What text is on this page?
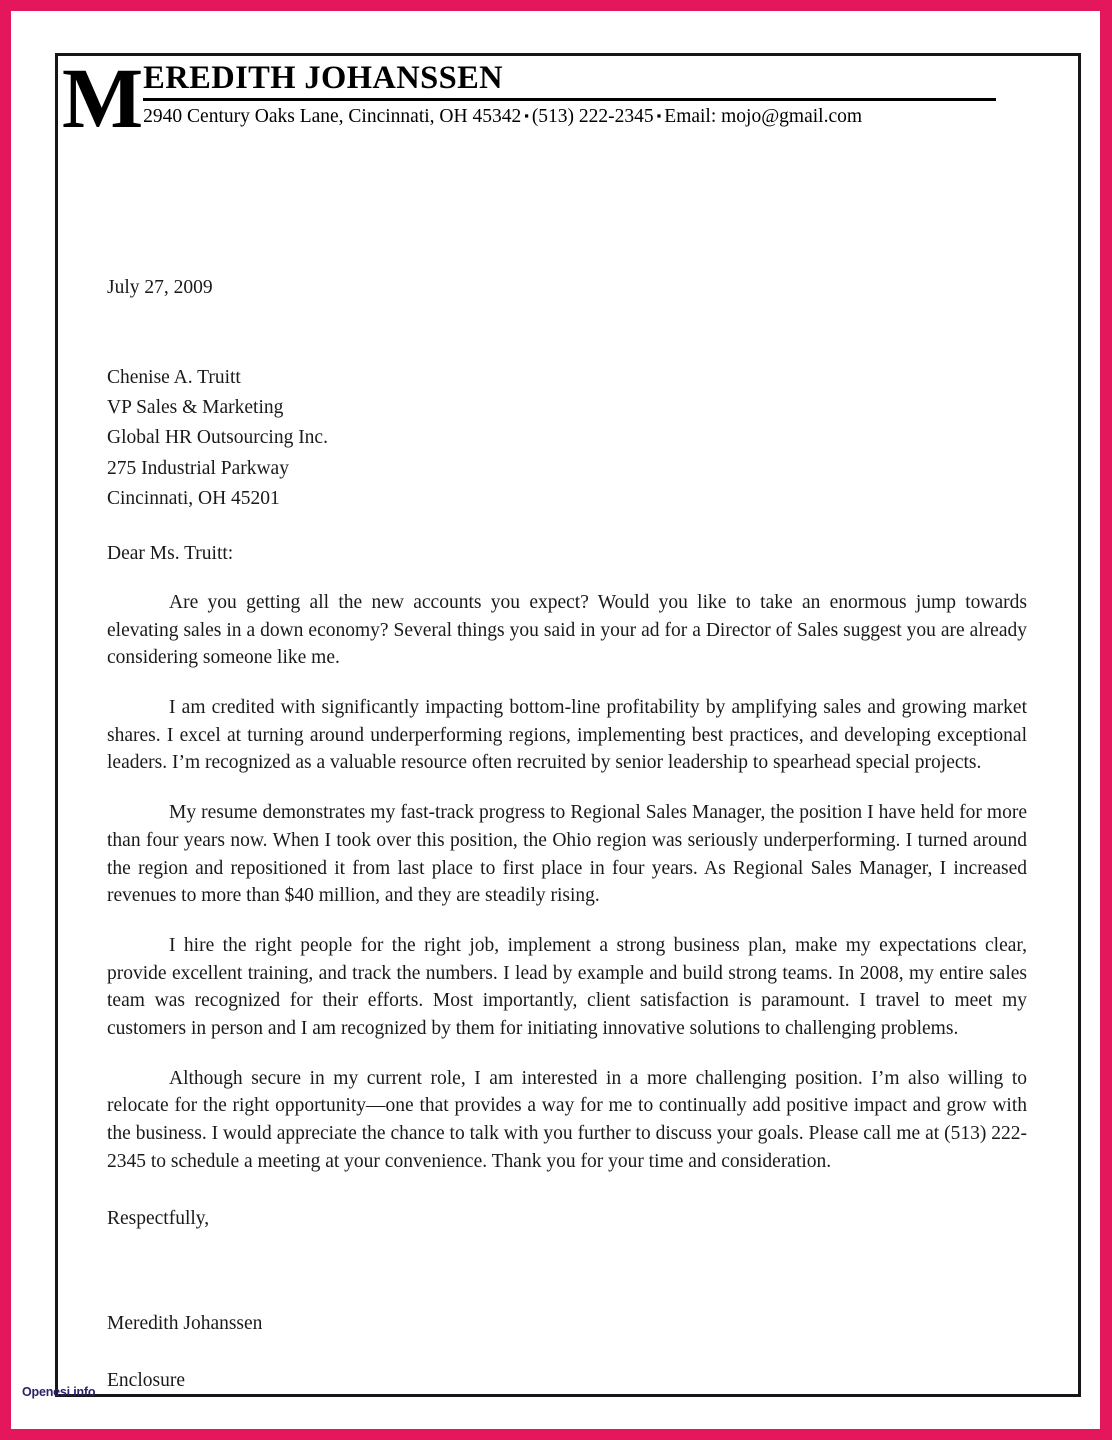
M EREDITH JOHANSSEN
2940 Century Oaks Lane, Cincinnati, OH 45342 ▪ (513) 222-2345 ▪ Email: mojo@gmail.com
July 27, 2009
Chenise A. Truitt
VP Sales & Marketing
Global HR Outsourcing Inc.
275 Industrial Parkway
Cincinnati, OH 45201
Dear Ms. Truitt:

Are you getting all the new accounts you expect? Would you like to take an enormous jump towards elevating sales in a down economy? Several things you said in your ad for a Director of Sales suggest you are already considering someone like me.

I am credited with significantly impacting bottom-line profitability by amplifying sales and growing market shares. I excel at turning around underperforming regions, implementing best practices, and developing exceptional leaders. I’m recognized as a valuable resource often recruited by senior leadership to spearhead special projects.

My resume demonstrates my fast-track progress to Regional Sales Manager, the position I have held for more than four years now. When I took over this position, the Ohio region was seriously underperforming. I turned around the region and repositioned it from last place to first place in four years. As Regional Sales Manager, I increased revenues to more than $40 million, and they are steadily rising.

I hire the right people for the right job, implement a strong business plan, make my expectations clear, provide excellent training, and track the numbers. I lead by example and build strong teams. In 2008, my entire sales team was recognized for their efforts. Most importantly, client satisfaction is paramount. I travel to meet my customers in person and I am recognized by them for initiating innovative solutions to challenging problems.

Although secure in my current role, I am interested in a more challenging position. I’m also willing to relocate for the right opportunity—one that provides a way for me to continually add positive impact and grow with the business. I would appreciate the chance to talk with you further to discuss your goals. Please call me at (513) 222-2345 to schedule a meeting at your convenience. Thank you for your time and consideration.

Respectfully,
Meredith Johanssen
Enclosure
Openesi.info
